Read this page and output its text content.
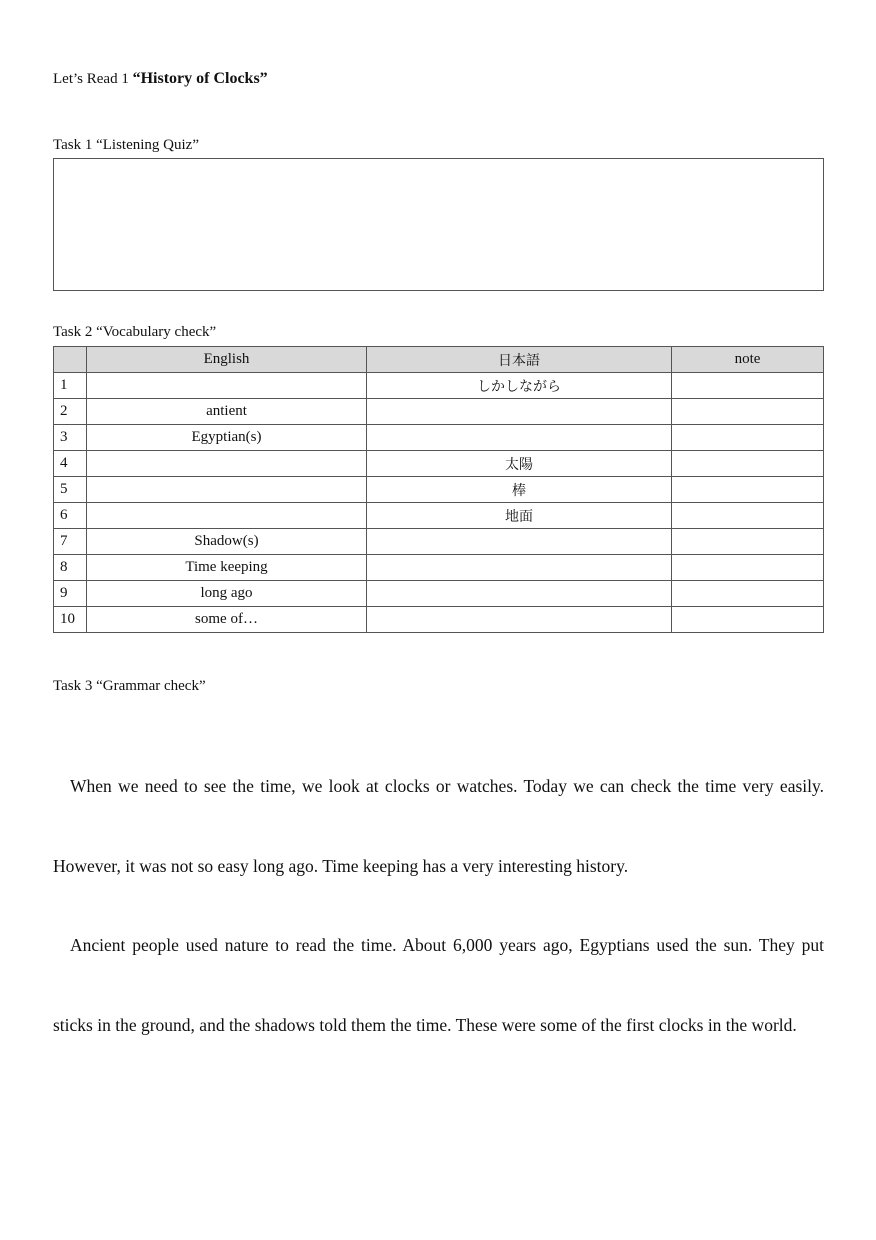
Let’s Read 1 “History of Clocks”
Task 1 “Listening Quiz”
Task 2 “Vocabulary check”
	English	日本語	note
1		しかしながら	
2	antient		
3	Egyptian(s)		
4		太陽	
5		棒	
6		地面	
7	Shadow(s)		
8	Time keeping		
9	long ago		
10	some of…		
Task 3 “Grammar check”

When we need to see the time, we look at clocks or watches. Today we can check the time very easily. However, it was not so easy long ago. Time keeping has a very interesting history.

Ancient people used nature to read the time. About 6,000 years ago, Egyptians used the sun. They put sticks in the ground, and the shadows told them the time. These were some of the first clocks in the world.
